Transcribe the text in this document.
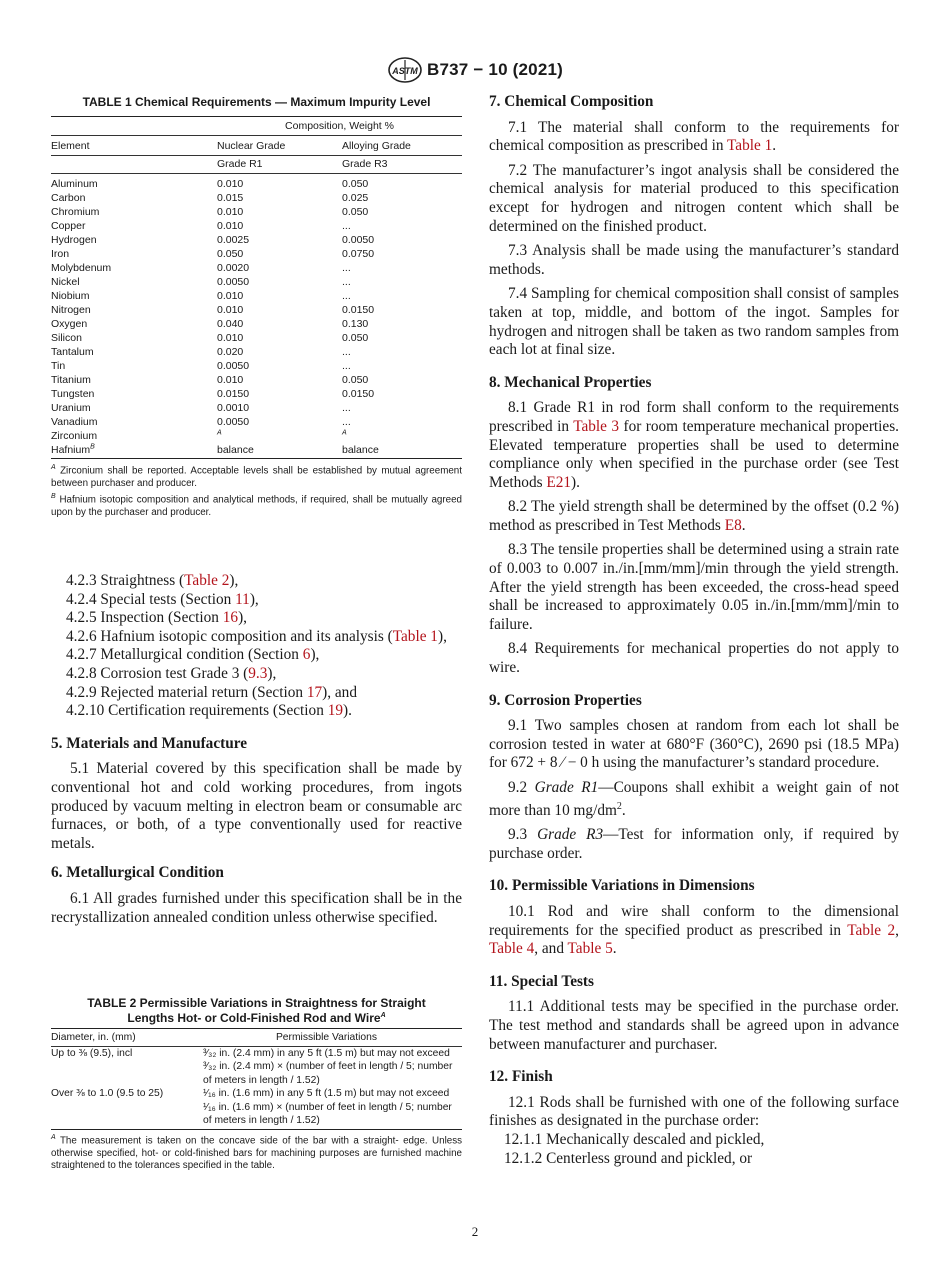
ASTM B737 − 10 (2021)
TABLE 1 Chemical Requirements — Maximum Impurity Level
	Composition, Weight %	
Element	Nuclear Grade	Alloying Grade
	Grade R1	Grade R3
Aluminum	0.010	0.050
Carbon	0.015	0.025
Chromium	0.010	0.050
Copper	0.010	...
Hydrogen	0.0025	0.0050
Iron	0.050	0.0750
Molybdenum	0.0020	...
Nickel	0.0050	...
Niobium	0.010	...
Nitrogen	0.010	0.0150
Oxygen	0.040	0.130
Silicon	0.010	0.050
Tantalum	0.020	...
Tin	0.0050	...
Titanium	0.010	0.050
Tungsten	0.0150	0.0150
Uranium	0.0010	...
Vanadium	0.0050	...
Zirconium	$^A$	$^A$
Hafnium$^B$	balance	balance
$^A$ Zirconium shall be reported. Acceptable levels shall be established by mutual agreement between purchaser and producer.
$^B$ Hafnium isotopic composition and analytical methods, if required, shall be mutually agreed upon by the purchaser and producer.

4.2.3 Straightness (Table 2),

4.2.4 Special tests (Section 11),

4.2.5 Inspection (Section 16),

4.2.6 Hafnium isotopic composition and its analysis (Table 1),

4.2.7 Metallurgical condition (Section 6),

4.2.8 Corrosion test Grade 3 (9.3),

4.2.9 Rejected material return (Section 17), and

4.2.10 Certification requirements (Section 19).

5. Materials and Manufacture

5.1 Material covered by this specification shall be made by conventional hot and cold working procedures, from ingots produced by vacuum melting in electron beam or consumable arc furnaces, or both, of a type conventionally used for reactive metals.

6. Metallurgical Condition

6.1 All grades furnished under this specification shall be in the recrystallization annealed condition unless otherwise specified.

TABLE 2 Permissible Variations in Straightness for Straight
Lengths Hot- or Cold-Finished Rod and Wire$^A$
Diameter, in. (mm)	Permissible Variations
Up to ⅜ (9.5), incl	³⁄₃₂ in. (2.4 mm) in any 5 ft (1.5 m) but may not exceed ³⁄₃₂ in. (2.4 mm) × (number of feet in length / 5; number of meters in length / 1.52)
Over ⅜ to 1.0 (9.5 to 25)	¹⁄₁₆ in. (1.6 mm) in any 5 ft (1.5 m) but may not exceed ¹⁄₁₆ in. (1.6 mm) × (number of feet in length / 5; number of meters in length / 1.52)
$^A$ The measurement is taken on the concave side of the bar with a straight- edge. Unless otherwise specified, hot- or cold-finished bars for machining purposes are furnished machine straightened to the tolerances specified in the table.
7. Chemical Composition

7.1 The material shall conform to the requirements for chemical composition as prescribed in Table 1.

7.2 The manufacturer’s ingot analysis shall be considered the chemical analysis for material produced to this specification except for hydrogen and nitrogen content which shall be determined on the finished product.

7.3 Analysis shall be made using the manufacturer’s standard methods.

7.4 Sampling for chemical composition shall consist of samples taken at top, middle, and bottom of the ingot. Samples for hydrogen and nitrogen shall be taken as two random samples from each lot at final size.

8. Mechanical Properties

8.1 Grade R1 in rod form shall conform to the requirements prescribed in Table 3 for room temperature mechanical properties. Elevated temperature properties shall be used to determine compliance only when specified in the purchase order (see Test Methods E21).

8.2 The yield strength shall be determined by the offset (0.2 %) method as prescribed in Test Methods E8.

8.3 The tensile properties shall be determined using a strain rate of 0.003 to 0.007 in./in.[mm/mm]/min through the yield strength. After the yield strength has been exceeded, the cross-head speed shall be increased to approximately 0.05 in./in.[mm/mm]/min to failure.

8.4 Requirements for mechanical properties do not apply to wire.

9. Corrosion Properties

9.1 Two samples chosen at random from each lot shall be corrosion tested in water at 680°F (360°C), 2690 psi (18.5 MPa) for 672 + 8 ⁄ − 0 h using the manufacturer’s standard procedure.

9.2 Grade R1—Coupons shall exhibit a weight gain of not more than 10 $mg/dm^2$.

9.3 Grade R3—Test for information only, if required by purchase order.

10. Permissible Variations in Dimensions

10.1 Rod and wire shall conform to the dimensional requirements for the specified product as prescribed in Table 2, Table 4, and Table 5.

11. Special Tests

11.1 Additional tests may be specified in the purchase order. The test method and standards shall be agreed upon in advance between manufacturer and purchaser.

12. Finish

12.1 Rods shall be furnished with one of the following surface finishes as designated in the purchase order:

12.1.1 Mechanically descaled and pickled,

12.1.2 Centerless ground and pickled, or

2
